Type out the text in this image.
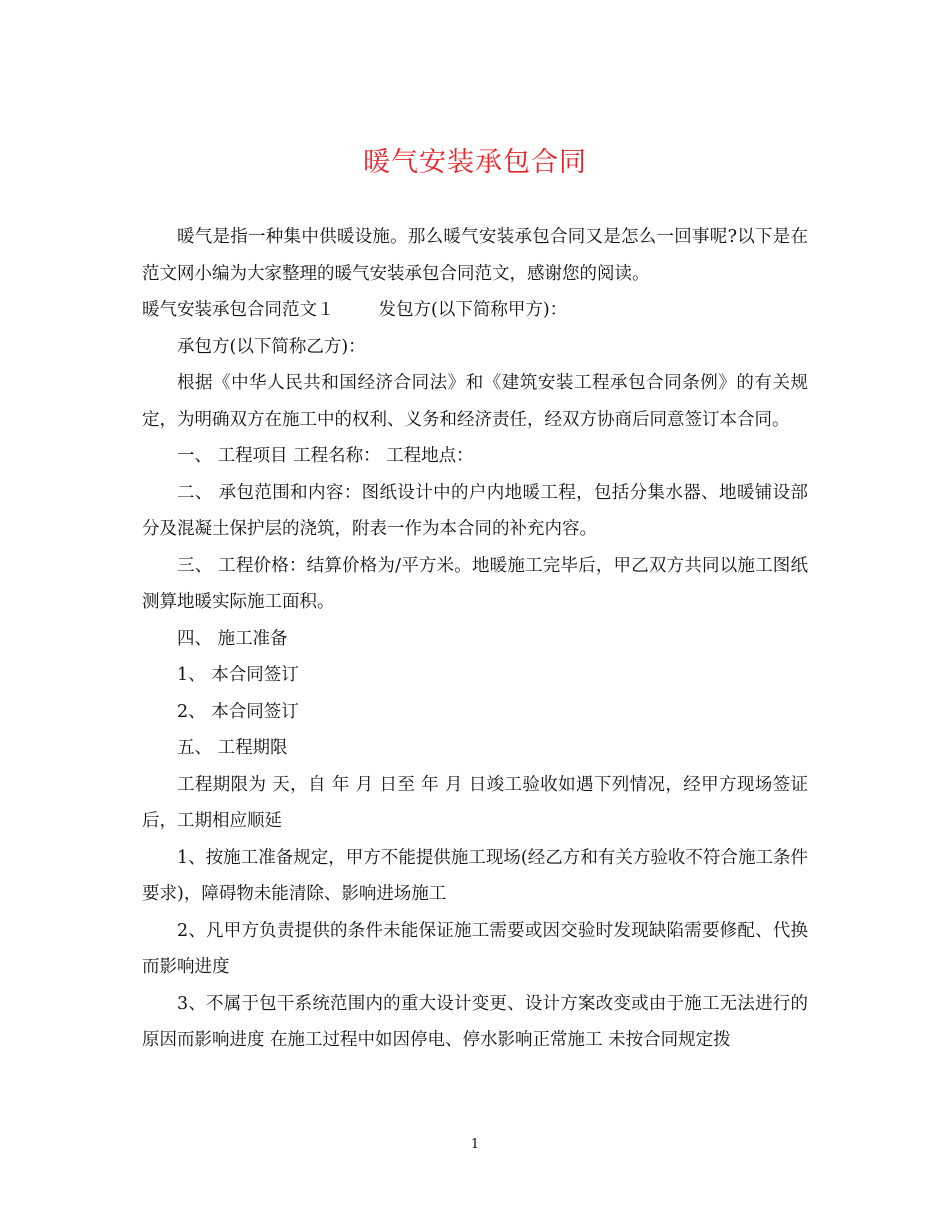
暖气安装承包合同

暖气是指一种集中供暖设施。那么暖气安装承包合同又是怎么一回事呢?以下是在范文网小编为大家整理的暖气安装承包合同范文，感谢您的阅读。

暖气安装承包合同范文１	发包方(以下简称甲方)：

承包方(以下简称乙方)：

根据《中华人民共和国经济合同法》和《建筑安装工程承包合同条例》的有关规定，为明确双方在施工中的权利、义务和经济责任，经双方协商后同意签订本合同。

一、 工程项目 工程名称： 工程地点：

二、 承包范围和内容：图纸设计中的户内地暖工程，包括分集水器、地暖铺设部分及混凝土保护层的浇筑，附表一作为本合同的补充内容。

三、 工程价格：结算价格为/平方米。地暖施工完毕后，甲乙双方共同以施工图纸测算地暖实际施工面积。

四、 施工准备

1、 本合同签订

2、 本合同签订

五、 工程期限

工程期限为 天，自 年 月 日至 年 月 日竣工验收如遇下列情况，经甲方现场签证后，工期相应顺延

1、按施工准备规定，甲方不能提供施工现场(经乙方和有关方验收不符合施工条件要求)，障碍物未能清除、影响进场施工

2、凡甲方负责提供的条件未能保证施工需要或因交验时发现缺陷需要修配、代换而影响进度

3、不属于包干系统范围内的重大设计变更、设计方案改变或由于施工无法进行的原因而影响进度 在施工过程中如因停电、停水影响正常施工 未按合同规定拨

1
